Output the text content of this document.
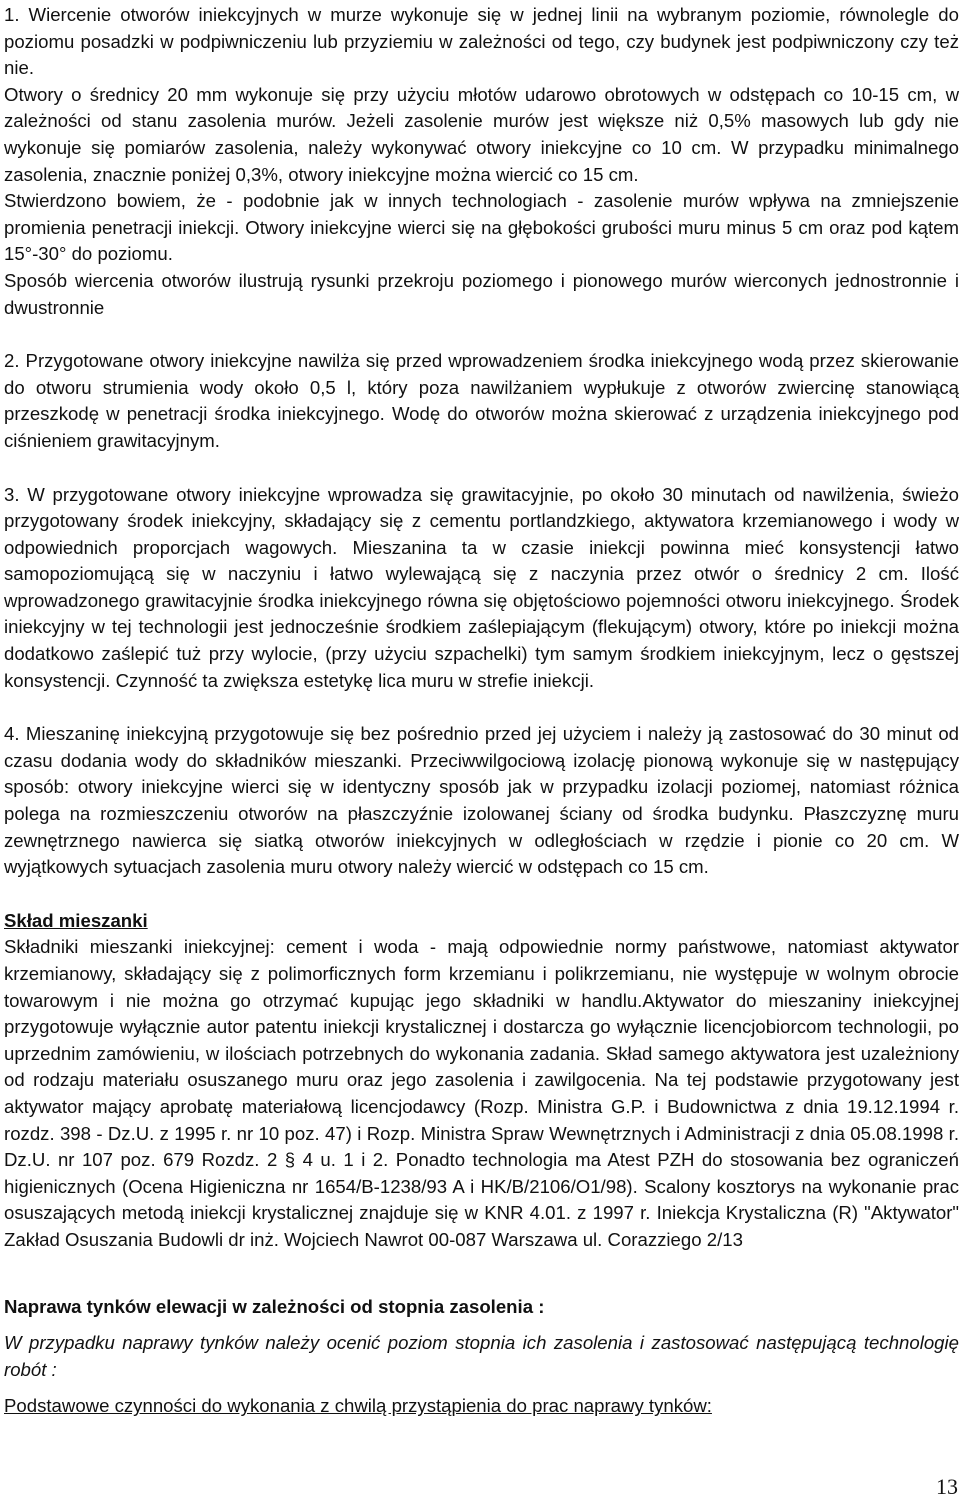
1. Wiercenie otworów iniekcyjnych w murze wykonuje się w jednej linii na wybranym poziomie, równolegle do poziomu posadzki w podpiwniczeniu lub przyziemiu w zależności od tego, czy budynek jest podpiwniczony czy też nie.

Otwory o średnicy 20 mm wykonuje się przy użyciu młotów udarowo obrotowych w odstępach co 10-15 cm, w zależności od stanu zasolenia murów. Jeżeli zasolenie murów jest większe niż 0,5% masowych lub gdy nie wykonuje się pomiarów zasolenia, należy wykonywać otwory iniekcyjne co 10 cm. W przypadku minimalnego zasolenia, znacznie poniżej 0,3%, otwory iniekcyjne można wiercić co 15 cm.

Stwierdzono bowiem, że - podobnie jak w innych technologiach - zasolenie murów wpływa na zmniejszenie promienia penetracji iniekcji. Otwory iniekcyjne wierci się na głębokości grubości muru minus 5 cm oraz pod kątem 15°-30° do poziomu.

Sposób wiercenia otworów ilustrują rysunki przekroju poziomego i pionowego murów wierconych jednostronnie i dwustronnie

2. Przygotowane otwory iniekcyjne nawilża się przed wprowadzeniem środka iniekcyjnego wodą przez skierowanie do otworu strumienia wody około 0,5 l, który poza nawilżaniem wypłukuje z otworów zwiercinę stanowiącą przeszkodę w penetracji środka iniekcyjnego. Wodę do otworów można skierować z urządzenia iniekcyjnego pod ciśnieniem grawitacyjnym.

3. W przygotowane otwory iniekcyjne wprowadza się grawitacyjnie, po około 30 minutach od nawilżenia, świeżo przygotowany środek iniekcyjny, składający się z cementu portlandzkiego, aktywatora krzemianowego i wody w odpowiednich proporcjach wagowych. Mieszanina ta w czasie iniekcji powinna mieć konsystencji łatwo samopoziomującą się w naczyniu i łatwo wylewającą się z naczynia przez otwór o średnicy 2 cm. Ilość wprowadzonego grawitacyjnie środka iniekcyjnego równa się objętościowo pojemności otworu iniekcyjnego. Środek iniekcyjny w tej technologii jest jednocześnie środkiem zaślepiającym (flekującym) otwory, które po iniekcji można dodatkowo zaślepić tuż przy wylocie, (przy użyciu szpachelki) tym samym środkiem iniekcyjnym, lecz o gęstszej konsystencji. Czynność ta zwiększa estetykę lica muru w strefie iniekcji.

4. Mieszaninę iniekcyjną przygotowuje się bez pośrednio przed jej użyciem i należy ją zastosować do 30 minut od czasu dodania wody do składników mieszanki. Przeciwwilgociową izolację pionową wykonuje się w następujący sposób: otwory iniekcyjne wierci się w identyczny sposób jak w przypadku izolacji poziomej, natomiast różnica polega na rozmieszczeniu otworów na płaszczyźnie izolowanej ściany od środka budynku. Płaszczyznę muru zewnętrznego nawierca się siatką otworów iniekcyjnych w odległościach w rzędzie i pionie co 20 cm. W wyjątkowych sytuacjach zasolenia muru otwory należy wiercić w odstępach co 15 cm.

Skład mieszanki

Składniki mieszanki iniekcyjnej: cement i woda - mają odpowiednie normy państwowe, natomiast aktywator krzemianowy, składający się z polimorficznych form krzemianu i polikrzemianu, nie występuje w wolnym obrocie towarowym i nie można go otrzymać kupując jego składniki w handlu.Aktywator do mieszaniny iniekcyjnej przygotowuje wyłącznie autor patentu iniekcji krystalicznej i dostarcza go wyłącznie licencjobiorcom technologii, po uprzednim zamówieniu, w ilościach potrzebnych do wykonania zadania. Skład samego aktywatora jest uzależniony od rodzaju materiału osuszanego muru oraz jego zasolenia i zawilgocenia. Na tej podstawie przygotowany jest aktywator mający aprobatę materiałową licencjodawcy (Rozp. Ministra G.P. i Budownictwa z dnia 19.12.1994 r. rozdz. 398 - Dz.U. z 1995 r. nr 10 poz. 47) i Rozp. Ministra Spraw Wewnętrznych i Administracji z dnia 05.08.1998 r. Dz.U. nr 107 poz. 679 Rozdz. 2 § 4 u. 1 i 2. Ponadto technologia ma Atest PZH do stosowania bez ograniczeń higienicznych (Ocena Higieniczna nr 1654/B-1238/93 A i HK/B/2106/O1/98). Scalony kosztorys na wykonanie prac osuszających metodą iniekcji krystalicznej znajduje się w KNR 4.01. z 1997 r. Iniekcja Krystaliczna (R) "Aktywator" Zakład Osuszania Budowli dr inż. Wojciech Nawrot 00-087 Warszawa ul. Corazziego 2/13

Naprawa tynków elewacji w zależności od stopnia zasolenia :

W przypadku naprawy tynków należy ocenić poziom stopnia ich zasolenia i zastosować następującą technologię robót :

Podstawowe czynności do wykonania z chwilą przystąpienia do prac naprawy tynków:

13
